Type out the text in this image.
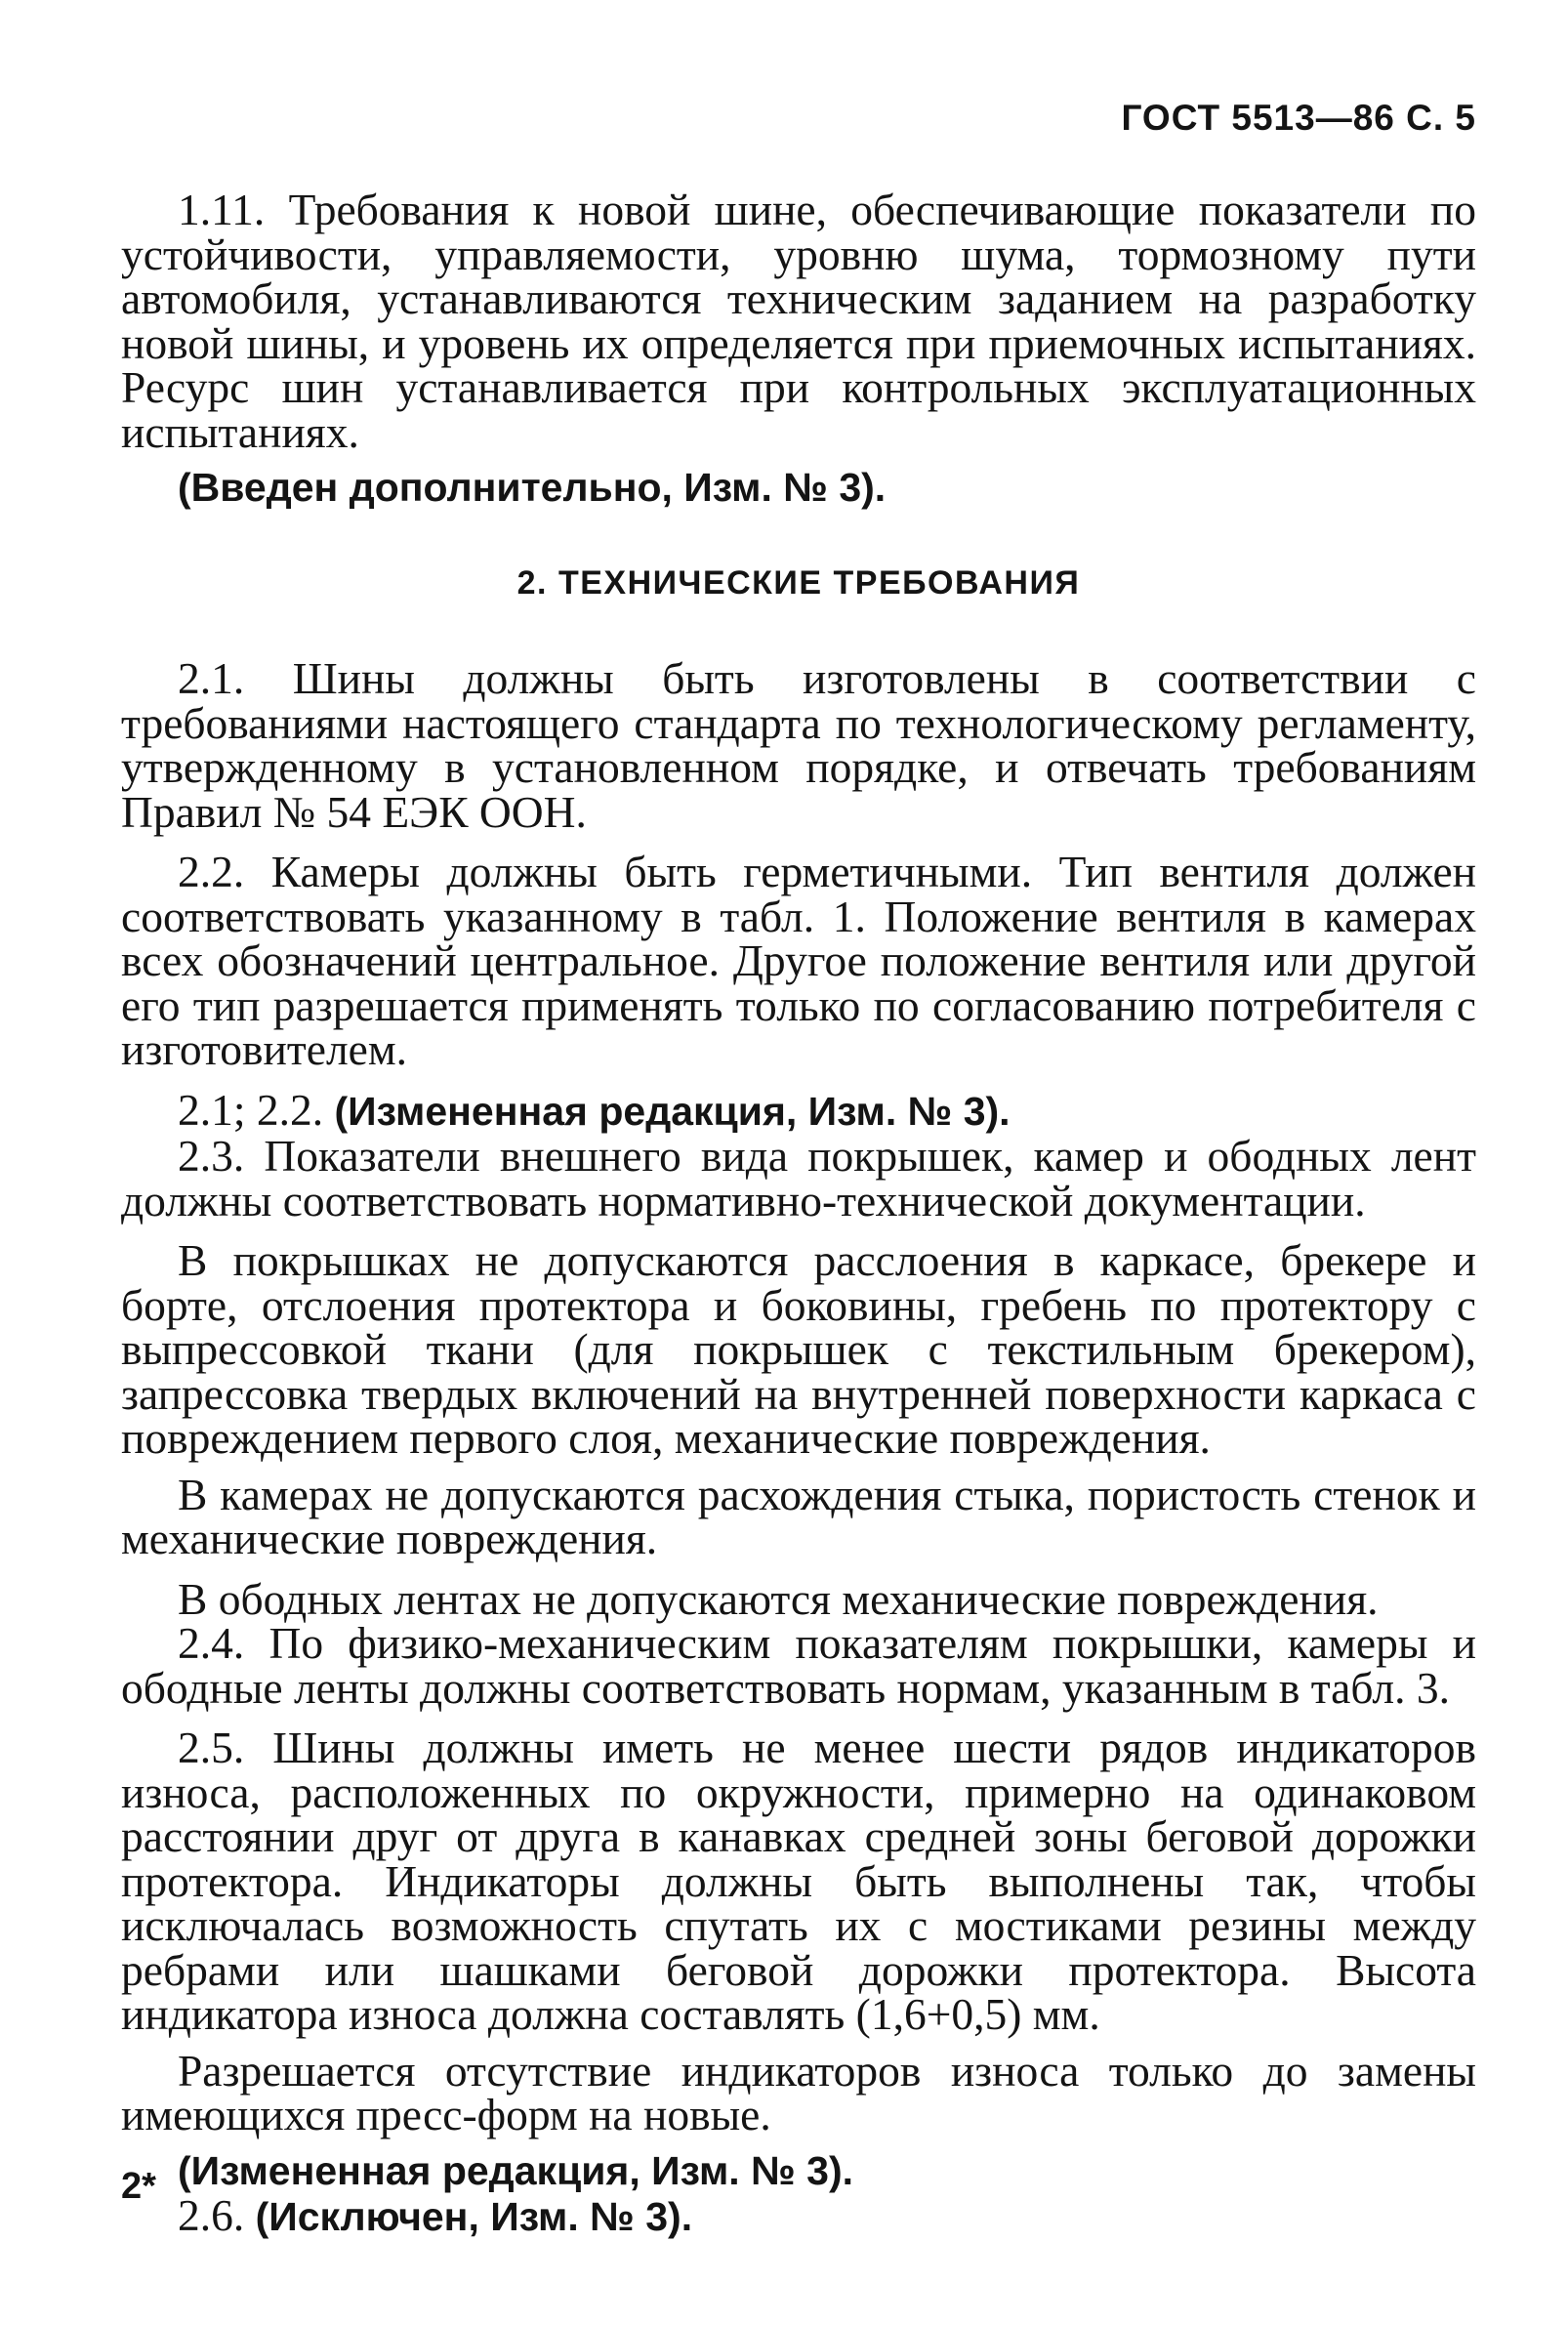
ГОСТ 5513—86 С. 5

1.11. Требования к новой шине, обеспечивающие показатели по устойчивости, управляемости, уровню шума, тормозному пути автомобиля, устанавливаются техническим заданием на разработку новой шины, и уровень их определяется при приемочных испытаниях. Ресурс шин устанавливается при контрольных эксплуатационных испытаниях.

(Введен дополнительно, Изм. № 3).

2. ТЕХНИЧЕСКИЕ ТРЕБОВАНИЯ

2.1. Шины должны быть изготовлены в соответствии с требованиями настоящего стандарта по технологическому регламенту, утвержденному в установленном порядке, и отвечать требованиям Правил № 54 ЕЭК ООН.

2.2. Камеры должны быть герметичными. Тип вентиля должен соответствовать указанному в табл. 1. Положение вентиля в камерах всех обозначений центральное. Другое положение вентиля или другой его тип разрешается применять только по согласованию потребителя с изготовителем.

2.1; 2.2. (Измененная редакция, Изм. № 3).

2.3. Показатели внешнего вида покрышек, камер и ободных лент должны соответствовать нормативно-технической документации.

В покрышках не допускаются расслоения в каркасе, брекере и борте, отслоения протектора и боковины, гребень по протектору с выпрессовкой ткани (для покрышек с текстильным брекером), запрессовка твердых включений на внутренней поверхности каркаса с повреждением первого слоя, механические повреждения.

В камерах не допускаются расхождения стыка, пористость стенок и механические повреждения.

В ободных лентах не допускаются механические повреждения.

2.4. По физико-механическим показателям покрышки, камеры и ободные ленты должны соответствовать нормам, указанным в табл. 3.

2.5. Шины должны иметь не менее шести рядов индикаторов износа, расположенных по окружности, примерно на одинаковом расстоянии друг от друга в канавках средней зоны беговой дорожки протектора. Индикаторы должны быть выполнены так, чтобы исключалась возможность спутать их с мостиками резины между ребрами или шашками беговой дорожки протектора. Высота индикатора износа должна составлять (1,6+0,5) мм.

Разрешается отсутствие индикаторов износа только до замены имеющихся пресс-форм на новые.

(Измененная редакция, Изм. № 3).

2.6. (Исключен, Изм. № 3).

2*
